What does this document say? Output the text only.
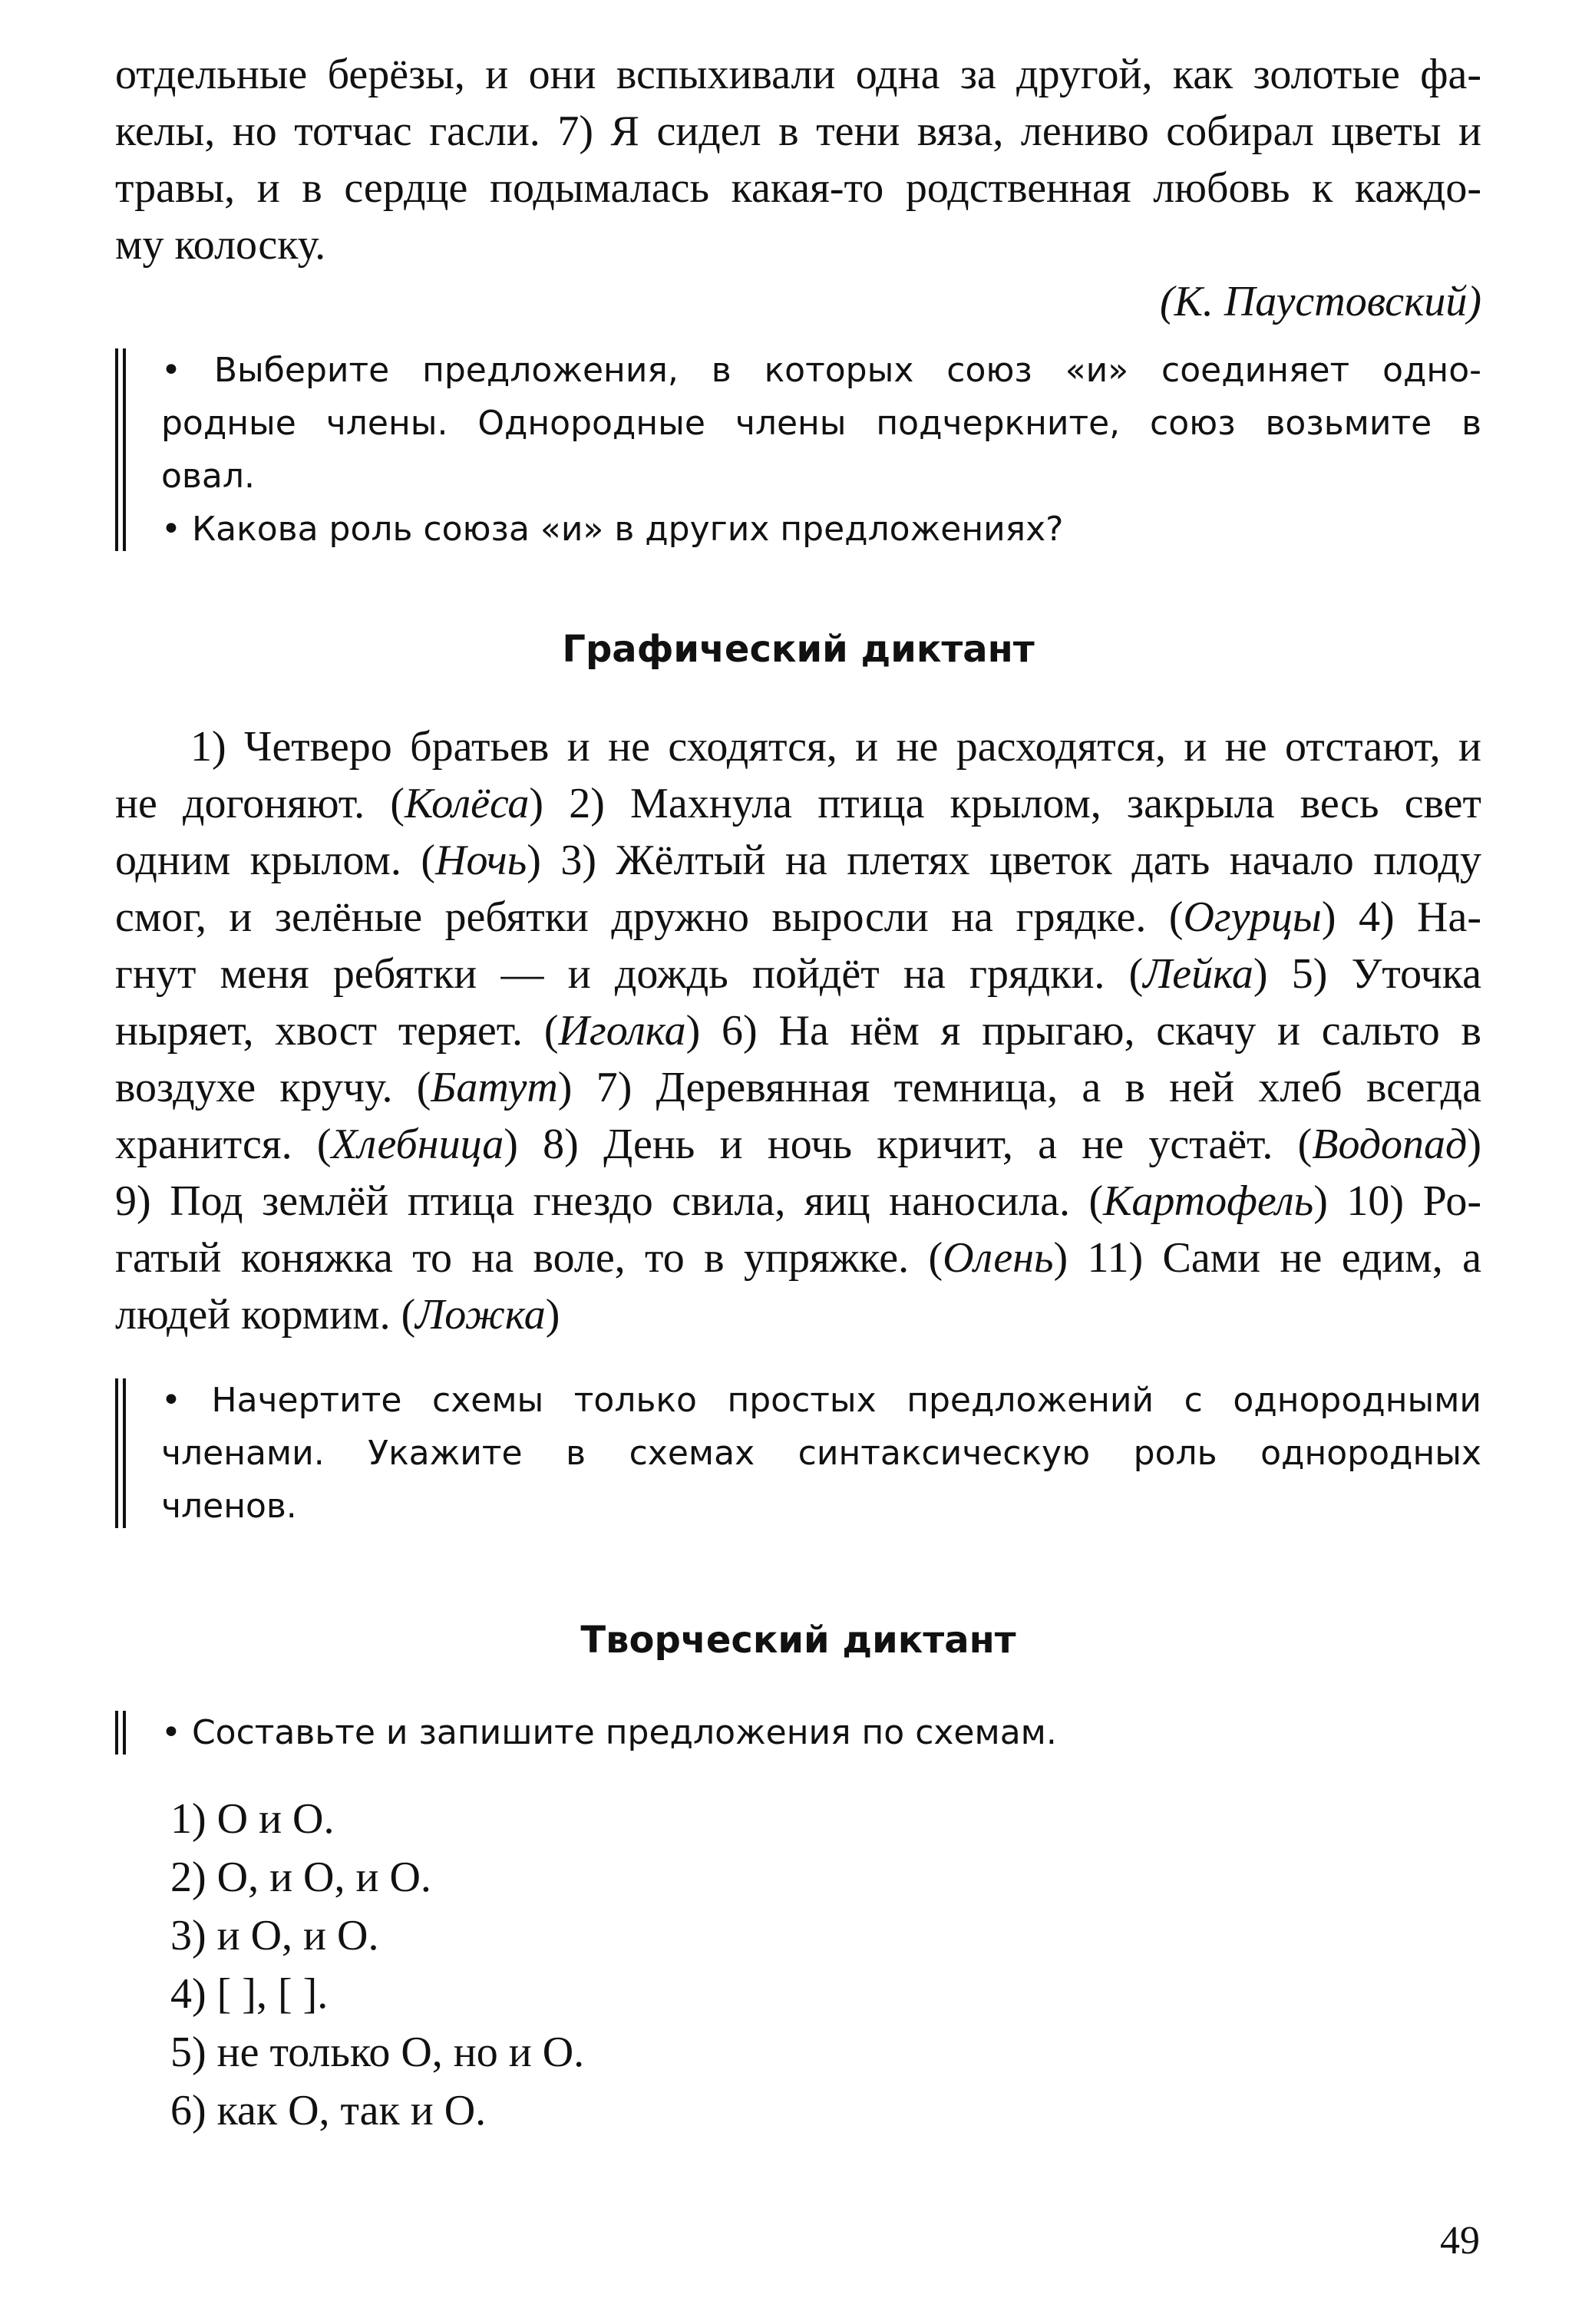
отдельные берёзы, и они вспыхивали одна за другой, как золотые фа-

келы, но тотчас гасли. 7) Я сидел в тени вяза, лениво собирал цветы и

травы, и в сердце подымалась какая-то родственная любовь к каждо-

му колоску.

(К. Паустовский)

• Выберите предложения, в которых союз «и» соединяет одно-

родные члены. Однородные члены подчеркните, союз возьмите в

овал.

• Какова роль союза «и» в других предложениях?

Графический диктант

1) Четверо братьев и не сходятся, и не расходятся, и не отстают, и

не догоняют. (Колёса) 2) Махнула птица крылом, закрыла весь свет

одним крылом. (Ночь) 3) Жёлтый на плетях цветок дать начало плоду

смог, и зелёные ребятки дружно выросли на грядке. (Огурцы) 4) На-

гнут меня ребятки — и дождь пойдёт на грядки. (Лейка) 5) Уточка

ныряет, хвост теряет. (Иголка) 6) На нём я прыгаю, скачу и сальто в

воздухе кручу. (Батут) 7) Деревянная темница, а в ней хлеб всегда

хранится. (Хлебница) 8) День и ночь кричит, а не устаёт. (Водопад)

9) Под землёй птица гнездо свила, яиц наносила. (Картофель) 10) Ро-

гатый коняжка то на воле, то в упряжке. (Олень) 11) Сами не едим, а

людей кормим. (Ложка)

• Начертите схемы только простых предложений с однородными

членами. Укажите в схемах синтаксическую роль однородных

членов.

Творческий диктант

• Составьте и запишите предложения по схемам.

1) О и О.

2) О, и О, и О.

3) и О, и О.

4) [ ], [ ].

5) не только О, но и О.

6) как О, так и О.

49
